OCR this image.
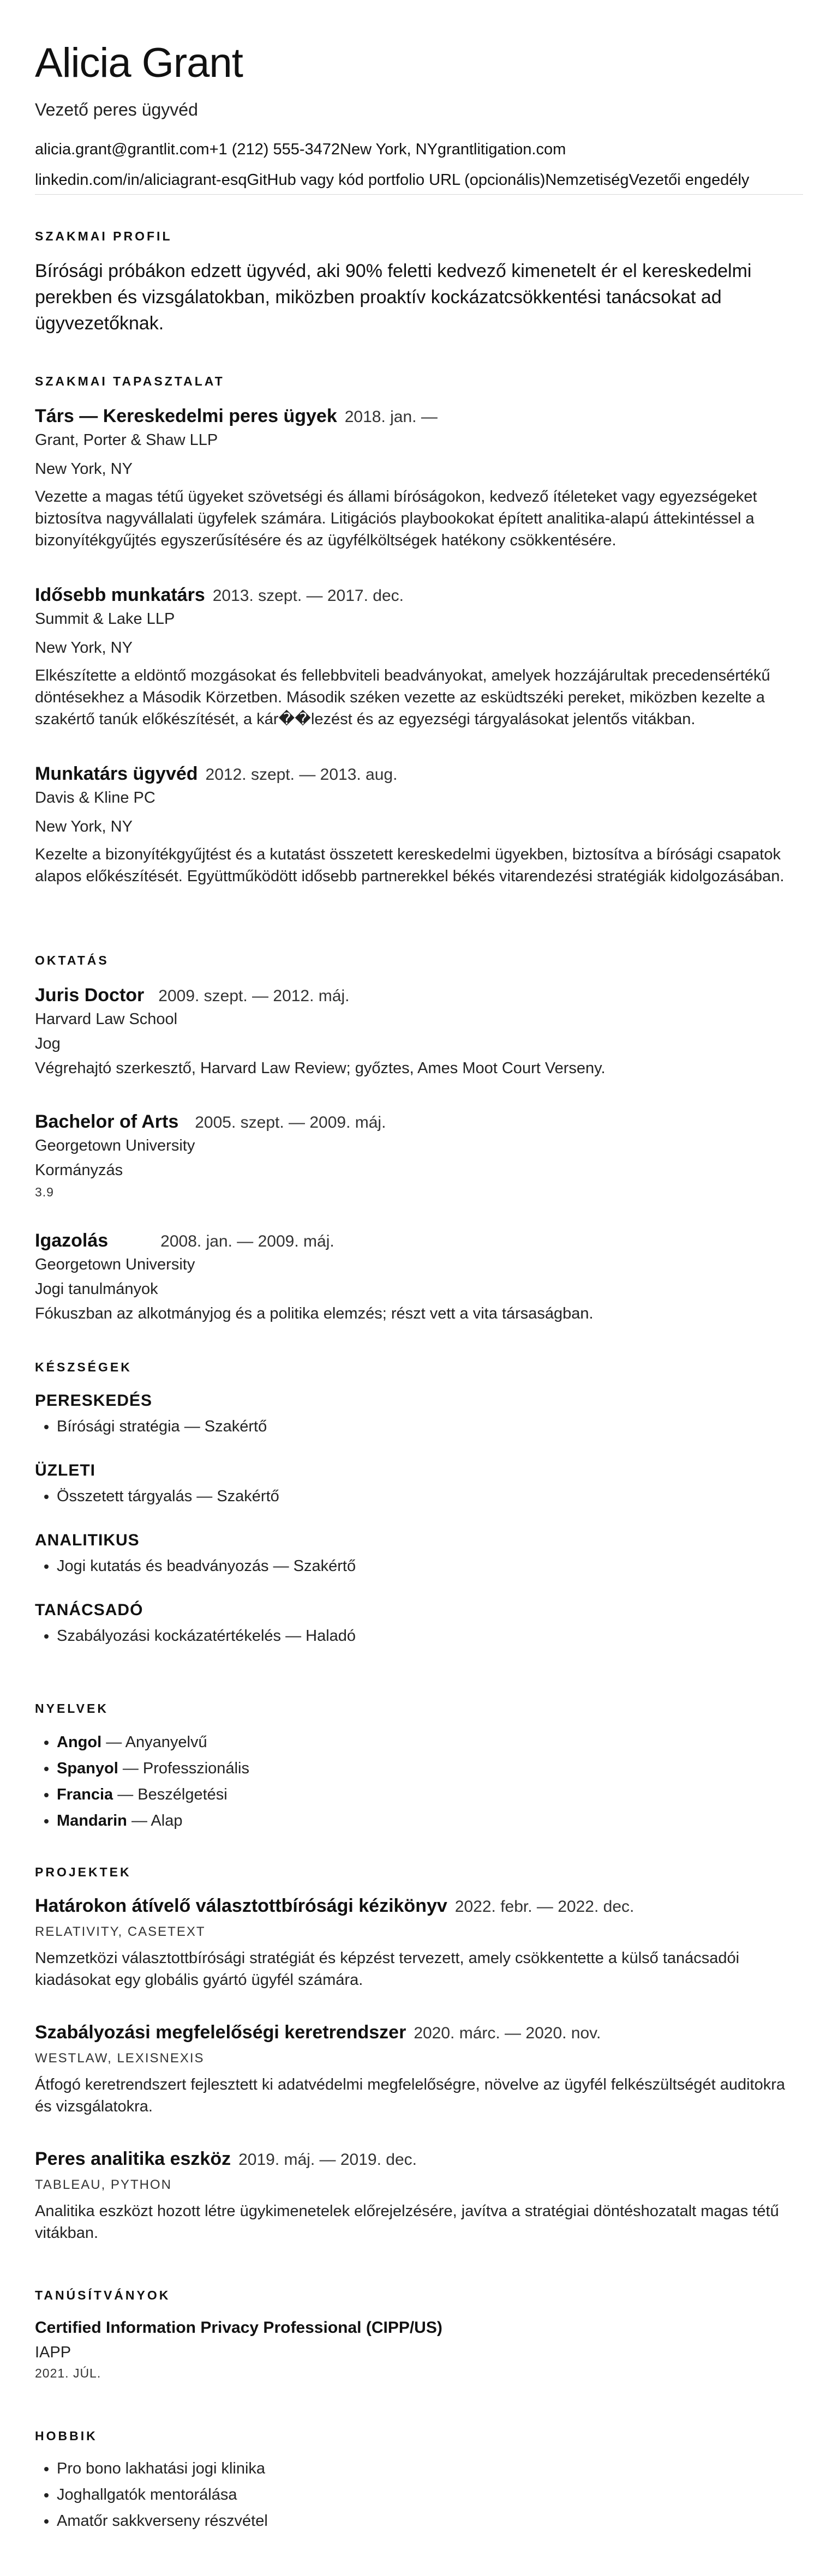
Alicia Grant
Vezető peres ügyvéd
alicia.grant@grantlit.com+1 (212) 555-3472New York, NYgrantlitigation.com
linkedin.com/in/aliciagrant-esqGitHub vagy kód portfolio URL (opcionális)NemzetiségVezetői engedély
SZAKMAI PROFIL
Bírósági próbákon edzett ügyvéd, aki 90% feletti kedvező kimenetelt ér el kereskedelmi perekben és vizsgálatokban, miközben proaktív kockázatcsökkentési tanácsokat ad ügyvezetőknak.
SZAKMAI TAPASZTALAT
Társ — Kereskedelmi peres ügyek 2018. jan. —
Grant, Porter & Shaw LLP
New York, NY
Vezette a magas tétű ügyeket szövetségi és állami bíróságokon, kedvező ítéleteket vagy egyezségeket biztosítva nagyvállalati ügyfelek számára. Litigációs playbookokat épített analitika-alapú áttekintéssel a bizonyítékgyűjtés egyszerűsítésére és az ügyfélköltségek hatékony csökkentésére.
Idősebb munkatárs 2013. szept. — 2017. dec.
Summit & Lake LLP
New York, NY
Elkészítette a eldöntő mozgásokat és fellebbviteli beadványokat, amelyek hozzájárultak precedensértékű döntésekhez a Második Körzetben. Második széken vezette az esküdtszéki pereket, miközben kezelte a szakértő tanúk előkészítését, a kár��lezést és az egyezségi tárgyalásokat jelentős vitákban.
Munkatárs ügyvéd 2012. szept. — 2013. aug.
Davis & Kline PC
New York, NY
Kezelte a bizonyítékgyűjtést és a kutatást összetett kereskedelmi ügyekben, biztosítva a bírósági csapatok alapos előkészítését. Együttműködött idősebb partnerekkel békés vitarendezési stratégiák kidolgozásában.
OKTATÁS
Juris Doctor 2009. szept. — 2012. máj.
Harvard Law School
Jog
Végrehajtó szerkesztő, Harvard Law Review; győztes, Ames Moot Court Verseny.
Bachelor of Arts 2005. szept. — 2009. máj.
Georgetown University
Kormányzás
3.9
Igazolás	2008. jan. — 2009. máj.
Georgetown University
Jogi tanulmányok
Fókuszban az alkotmányjog és a politika elemzés; részt vett a vita társaságban.
KÉSZSÉGEK
PERESKEDÉS
• Bírósági stratégia — Szakértő
ÜZLETI
• Összetett tárgyalás — Szakértő
ANALITIKUS
• Jogi kutatás és beadványozás — Szakértő
TANÁCSADÓ
• Szabályozási kockázatértékelés — Haladó
NYELVEK
• Angol — Anyanyelvű
• Spanyol — Professzionális
• Francia — Beszélgetési
• Mandarin — Alap
PROJEKTEK
Határokon átívelő választottbírósági kézikönyv 2022. febr. — 2022. dec.
RELATIVITY, CASETEXT
Nemzetközi választottbírósági stratégiát és képzést tervezett, amely csökkentette a külső tanácsadói kiadásokat egy globális gyártó ügyfél számára.
Szabályozási megfelelőségi keretrendszer 2020. márc. — 2020. nov.
WESTLAW, LEXISNEXIS
Átfogó keretrendszert fejlesztett ki adatvédelmi megfelelőségre, növelve az ügyfél felkészültségét auditokra és vizsgálatokra.
Peres analitika eszköz 2019. máj. — 2019. dec.
TABLEAU, PYTHON
Analitika eszközt hozott létre ügykimenetelek előrejelzésére, javítva a stratégiai döntéshozatalt magas tétű vitákban.
TANÚSÍTVÁNYOK
Certified Information Privacy Professional (CIPP/US)
IAPP
2021. JÚL.
HOBBIK
• Pro bono lakhatási jogi klinika
• Joghallgatók mentorálása
• Amatőr sakkverseny részvétel
